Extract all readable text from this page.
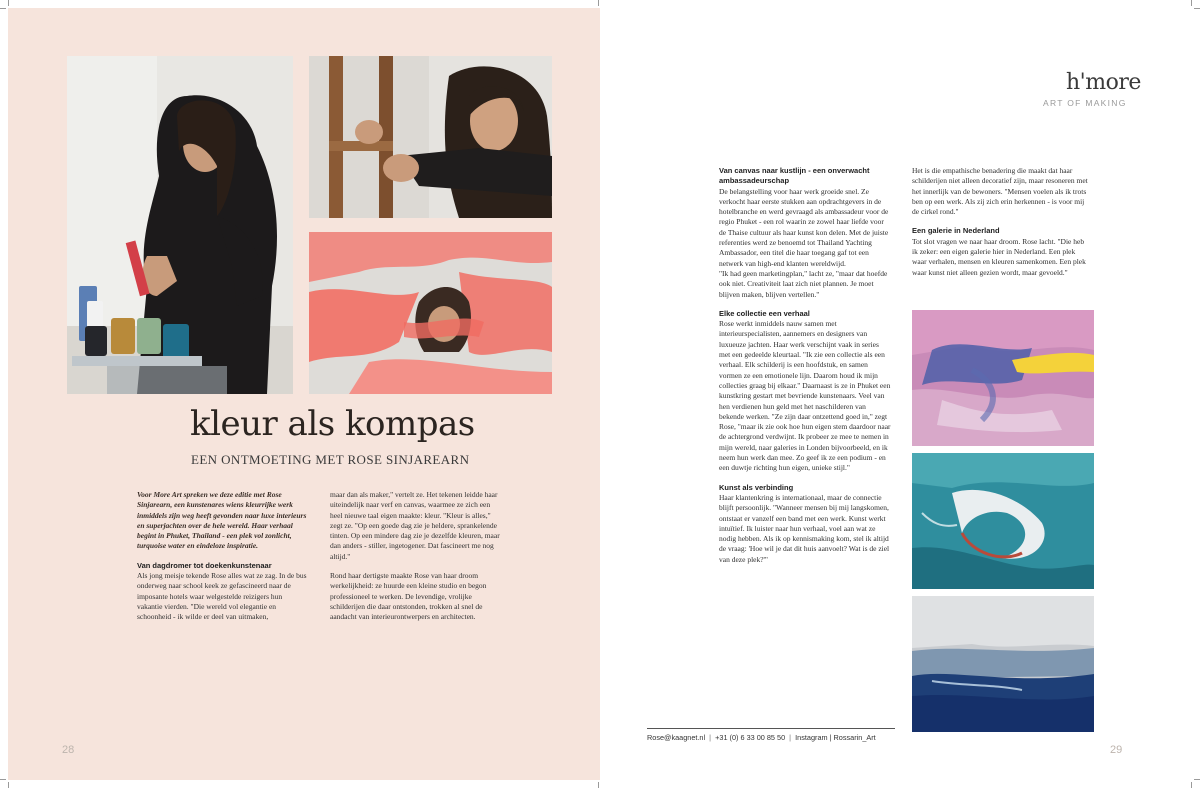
kleur als kompas
EEN ONTMOETING MET ROSE SINJAREARN

Voor More Art spreken we deze editie met Rose Sinjarearn, een kunstenares wiens kleurrijke werk inmiddels zijn weg heeft gevonden naar luxe interieurs en superjachten over de hele wereld. Haar verhaal begint in Phuket, Thailand - een plek vol zonlicht, turquoise water en eindeloze inspiratie.

Van dagdromer tot doekenkunstenaar

Als jong meisje tekende Rose alles wat ze zag. In de bus onderweg naar school keek ze gefascineerd naar de imposante hotels waar welgestelde reizigers hun vakantie vierden. "Die wereld vol elegantie en schoonheid - ik wilde er deel van uitmaken,

maar dan als maker," vertelt ze. Het tekenen leidde haar uiteindelijk naar verf en canvas, waarmee ze zich een heel nieuwe taal eigen maakte: kleur. "Kleur is alles," zegt ze. "Op een goede dag zie je heldere, sprankelende tinten. Op een mindere dag zie je dezelfde kleuren, maar dan anders - stiller, ingetogener. Dat fascineert me nog altijd."

Rond haar dertigste maakte Rose van haar droom werkelijkheid: ze huurde een kleine studio en begon professioneel te werken. De levendige, vrolijke schilderijen die daar ontstonden, trokken al snel de aandacht van interieurontwerpers en architecten.

28
h'more
ART OF MAKING
Van canvas naar kustlijn - een onverwacht ambassadeurschap

De belangstelling voor haar werk groeide snel. Ze verkocht haar eerste stukken aan opdrachtgevers in de hotelbranche en werd gevraagd als ambassadeur voor de regio Phuket - een rol waarin ze zowel haar liefde voor de Thaise cultuur als haar kunst kon delen. Met de juiste referenties werd ze benoemd tot Thailand Yachting Ambassador, een titel die haar toegang gaf tot een netwerk van high-end klanten wereldwijd.

"Ik had geen marketingplan," lacht ze, "maar dat hoefde ook niet. Creativiteit laat zich niet plannen. Je moet blijven maken, blijven vertellen."

Elke collectie een verhaal

Rose werkt inmiddels nauw samen met interieurspecialisten, aannemers en designers van luxueuze jachten. Haar werk verschijnt vaak in series met een gedeelde kleurtaal. "Ik zie een collectie als een verhaal. Elk schilderij is een hoofdstuk, en samen vormen ze een emotionele lijn. Daarom houd ik mijn collecties graag bij elkaar." Daarnaast is ze in Phuket een kunstkring gestart met bevriende kunstenaars. Veel van hen verdienen hun geld met het naschilderen van bekende werken. "Ze zijn daar ontzettend goed in," zegt Rose, "maar ik zie ook hoe hun eigen stem daardoor naar de achtergrond verdwijnt. Ik probeer ze mee te nemen in mijn wereld, naar galeries in Londen bijvoorbeeld, en ik neem hun werk dan mee. Zo geef ik ze een podium - en een duwtje richting hun eigen, unieke stijl."

Kunst als verbinding

Haar klantenkring is internationaal, maar de connectie blijft persoonlijk. "Wanneer mensen bij mij langskomen, ontstaat er vanzelf een band met een werk. Kunst werkt intuïtief. Ik luister naar hun verhaal, voel aan wat ze nodig hebben. Als ik op kennismaking kom, stel ik altijd de vraag: 'Hoe wil je dat dit huis aanvoelt? Wat is de ziel van deze plek?'"

Het is die empathische benadering die maakt dat haar schilderijen niet alleen decoratief zijn, maar resoneren met het innerlijk van de bewoners. "Mensen voelen als ik trots ben op een werk. Als zij zich erin herkennen - is voor mij de cirkel rond."

Een galerie in Nederland

Tot slot vragen we naar haar droom. Rose lacht. "Die heb ik zeker: een eigen galerie hier in Nederland. Een plek waar verhalen, mensen en kleuren samenkomen. Een plek waar kunst niet alleen gezien wordt, maar gevoeld."

Rose@kaagnet.nl  |  +31 (0) 6 33 00 85 50  |  Instagram | Rossarin_Art
29
